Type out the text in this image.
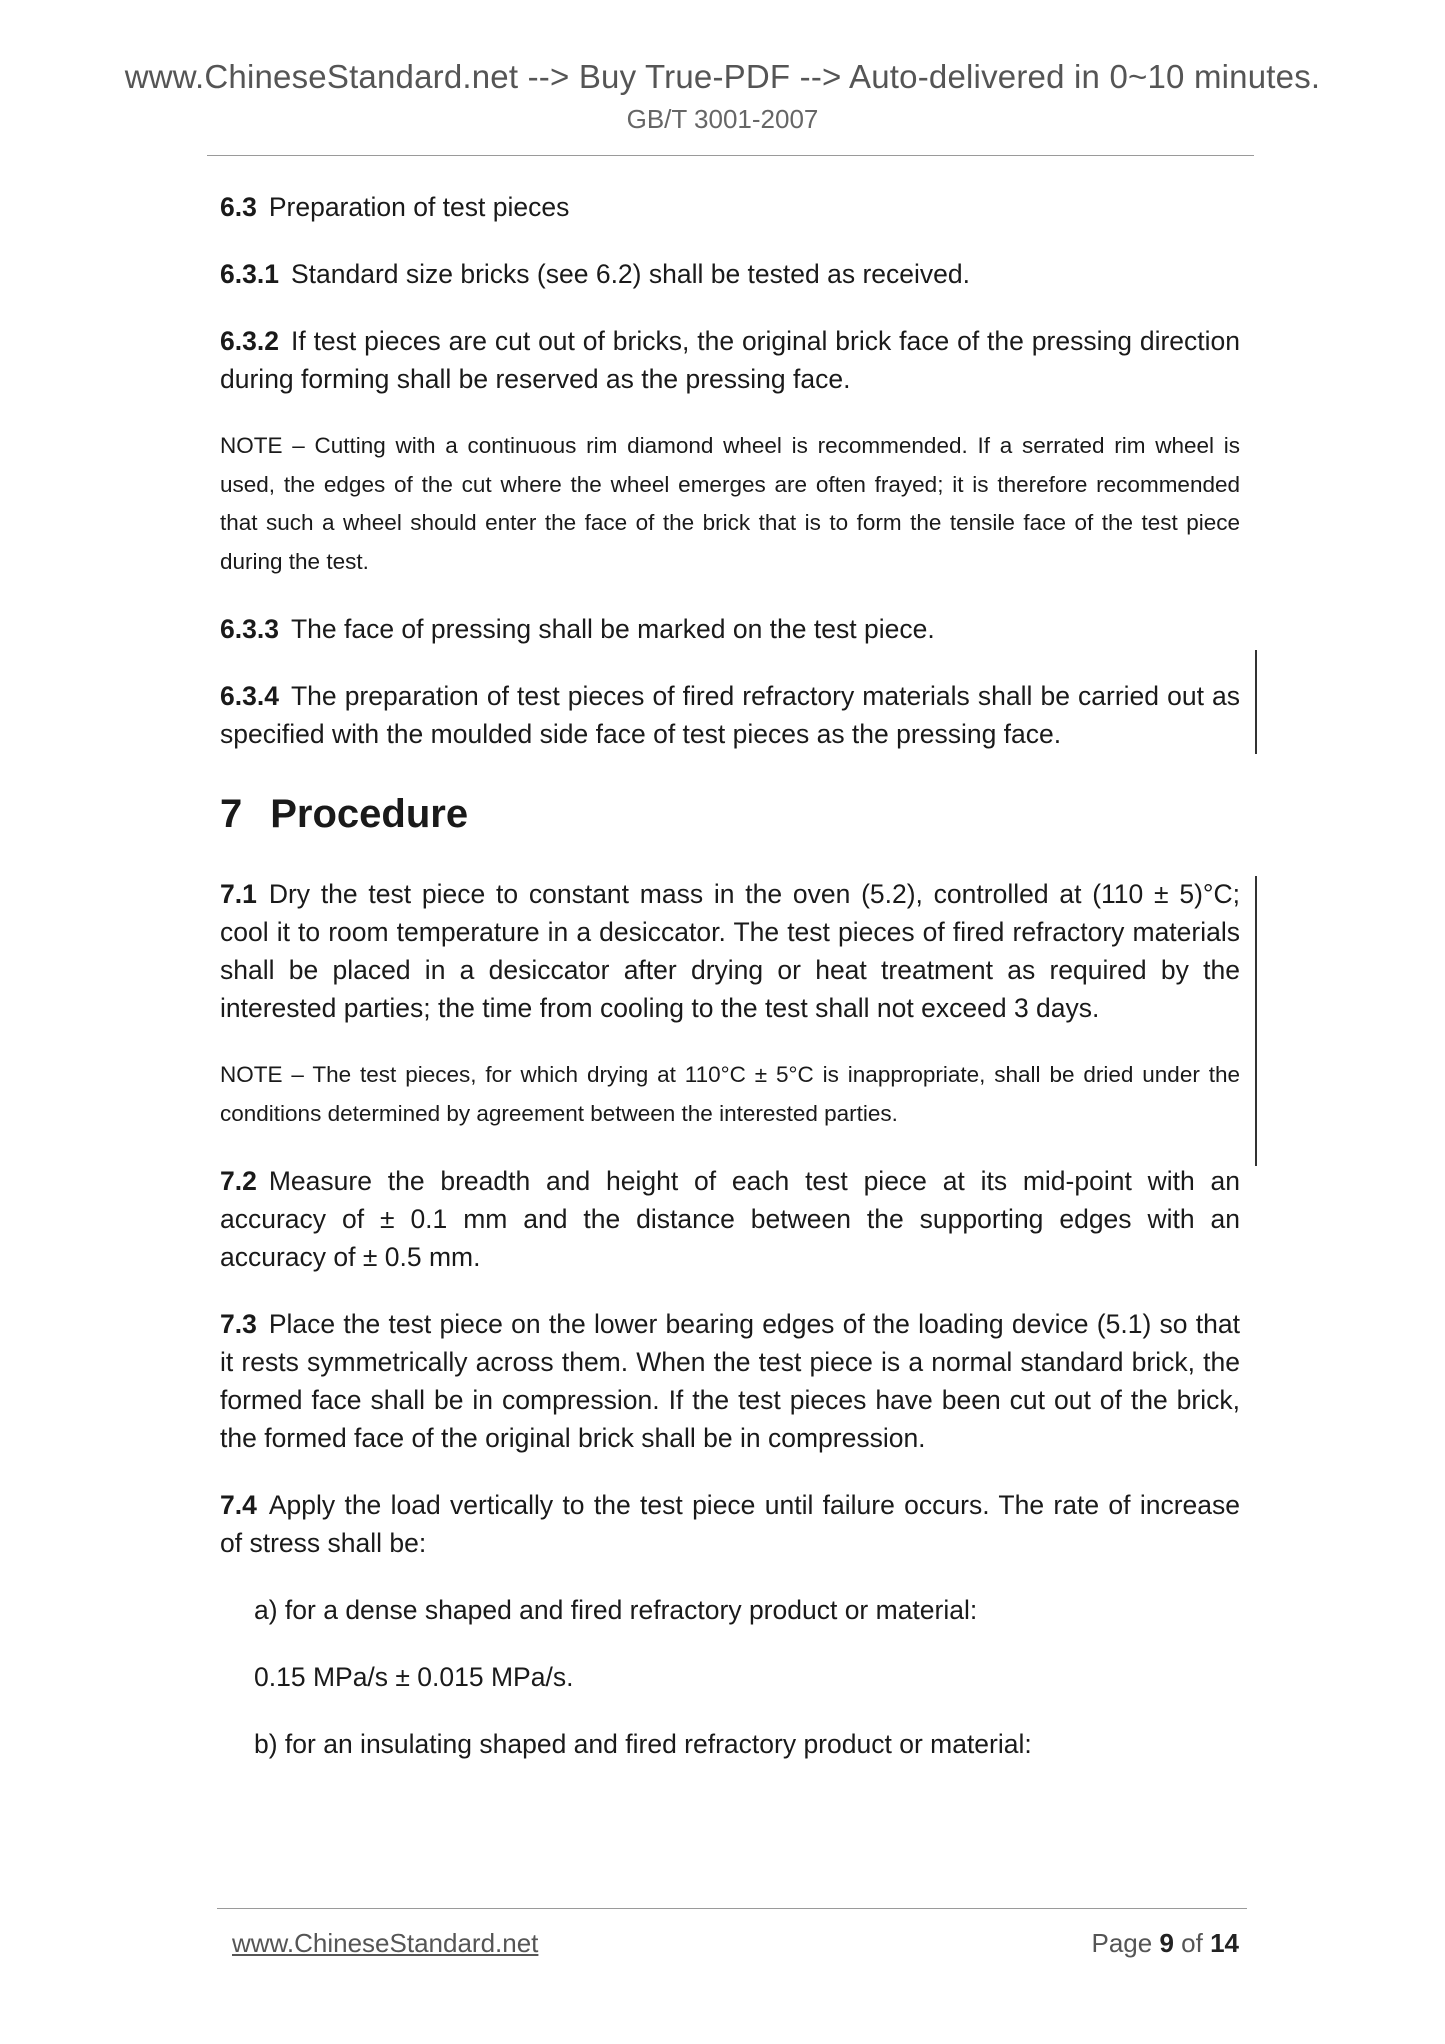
www.ChineseStandard.net --> Buy True-PDF --> Auto-delivered in 0~10 minutes.
GB/T 3001-2007

6.3 Preparation of test pieces

6.3.1 Standard size bricks (see 6.2) shall be tested as received.

6.3.2 If test pieces are cut out of bricks, the original brick face of the pressing direction during forming shall be reserved as the pressing face.

NOTE – Cutting with a continuous rim diamond wheel is recommended. If a serrated rim wheel is used, the edges of the cut where the wheel emerges are often frayed; it is therefore recommended that such a wheel should enter the face of the brick that is to form the tensile face of the test piece during the test.

6.3.3 The face of pressing shall be marked on the test piece.

6.3.4 The preparation of test pieces of fired refractory materials shall be carried out as specified with the moulded side face of test pieces as the pressing face.

7 Procedure

7.1 Dry the test piece to constant mass in the oven (5.2), controlled at (110 ± 5)°C; cool it to room temperature in a desiccator. The test pieces of fired refractory materials shall be placed in a desiccator after drying or heat treatment as required by the interested parties; the time from cooling to the test shall not exceed 3 days.

NOTE – The test pieces, for which drying at 110°C ± 5°C is inappropriate, shall be dried under the conditions determined by agreement between the interested parties.

7.2 Measure the breadth and height of each test piece at its mid-point with an accuracy of ± 0.1 mm and the distance between the supporting edges with an accuracy of ± 0.5 mm.

7.3 Place the test piece on the lower bearing edges of the loading device (5.1) so that it rests symmetrically across them. When the test piece is a normal standard brick, the formed face shall be in compression. If the test pieces have been cut out of the brick, the formed face of the original brick shall be in compression.

7.4 Apply the load vertically to the test piece until failure occurs. The rate of increase of stress shall be:

a) for a dense shaped and fired refractory product or material:

0.15 MPa/s ± 0.015 MPa/s.

b) for an insulating shaped and fired refractory product or material:

www.ChineseStandard.net	Page 9 of 14
